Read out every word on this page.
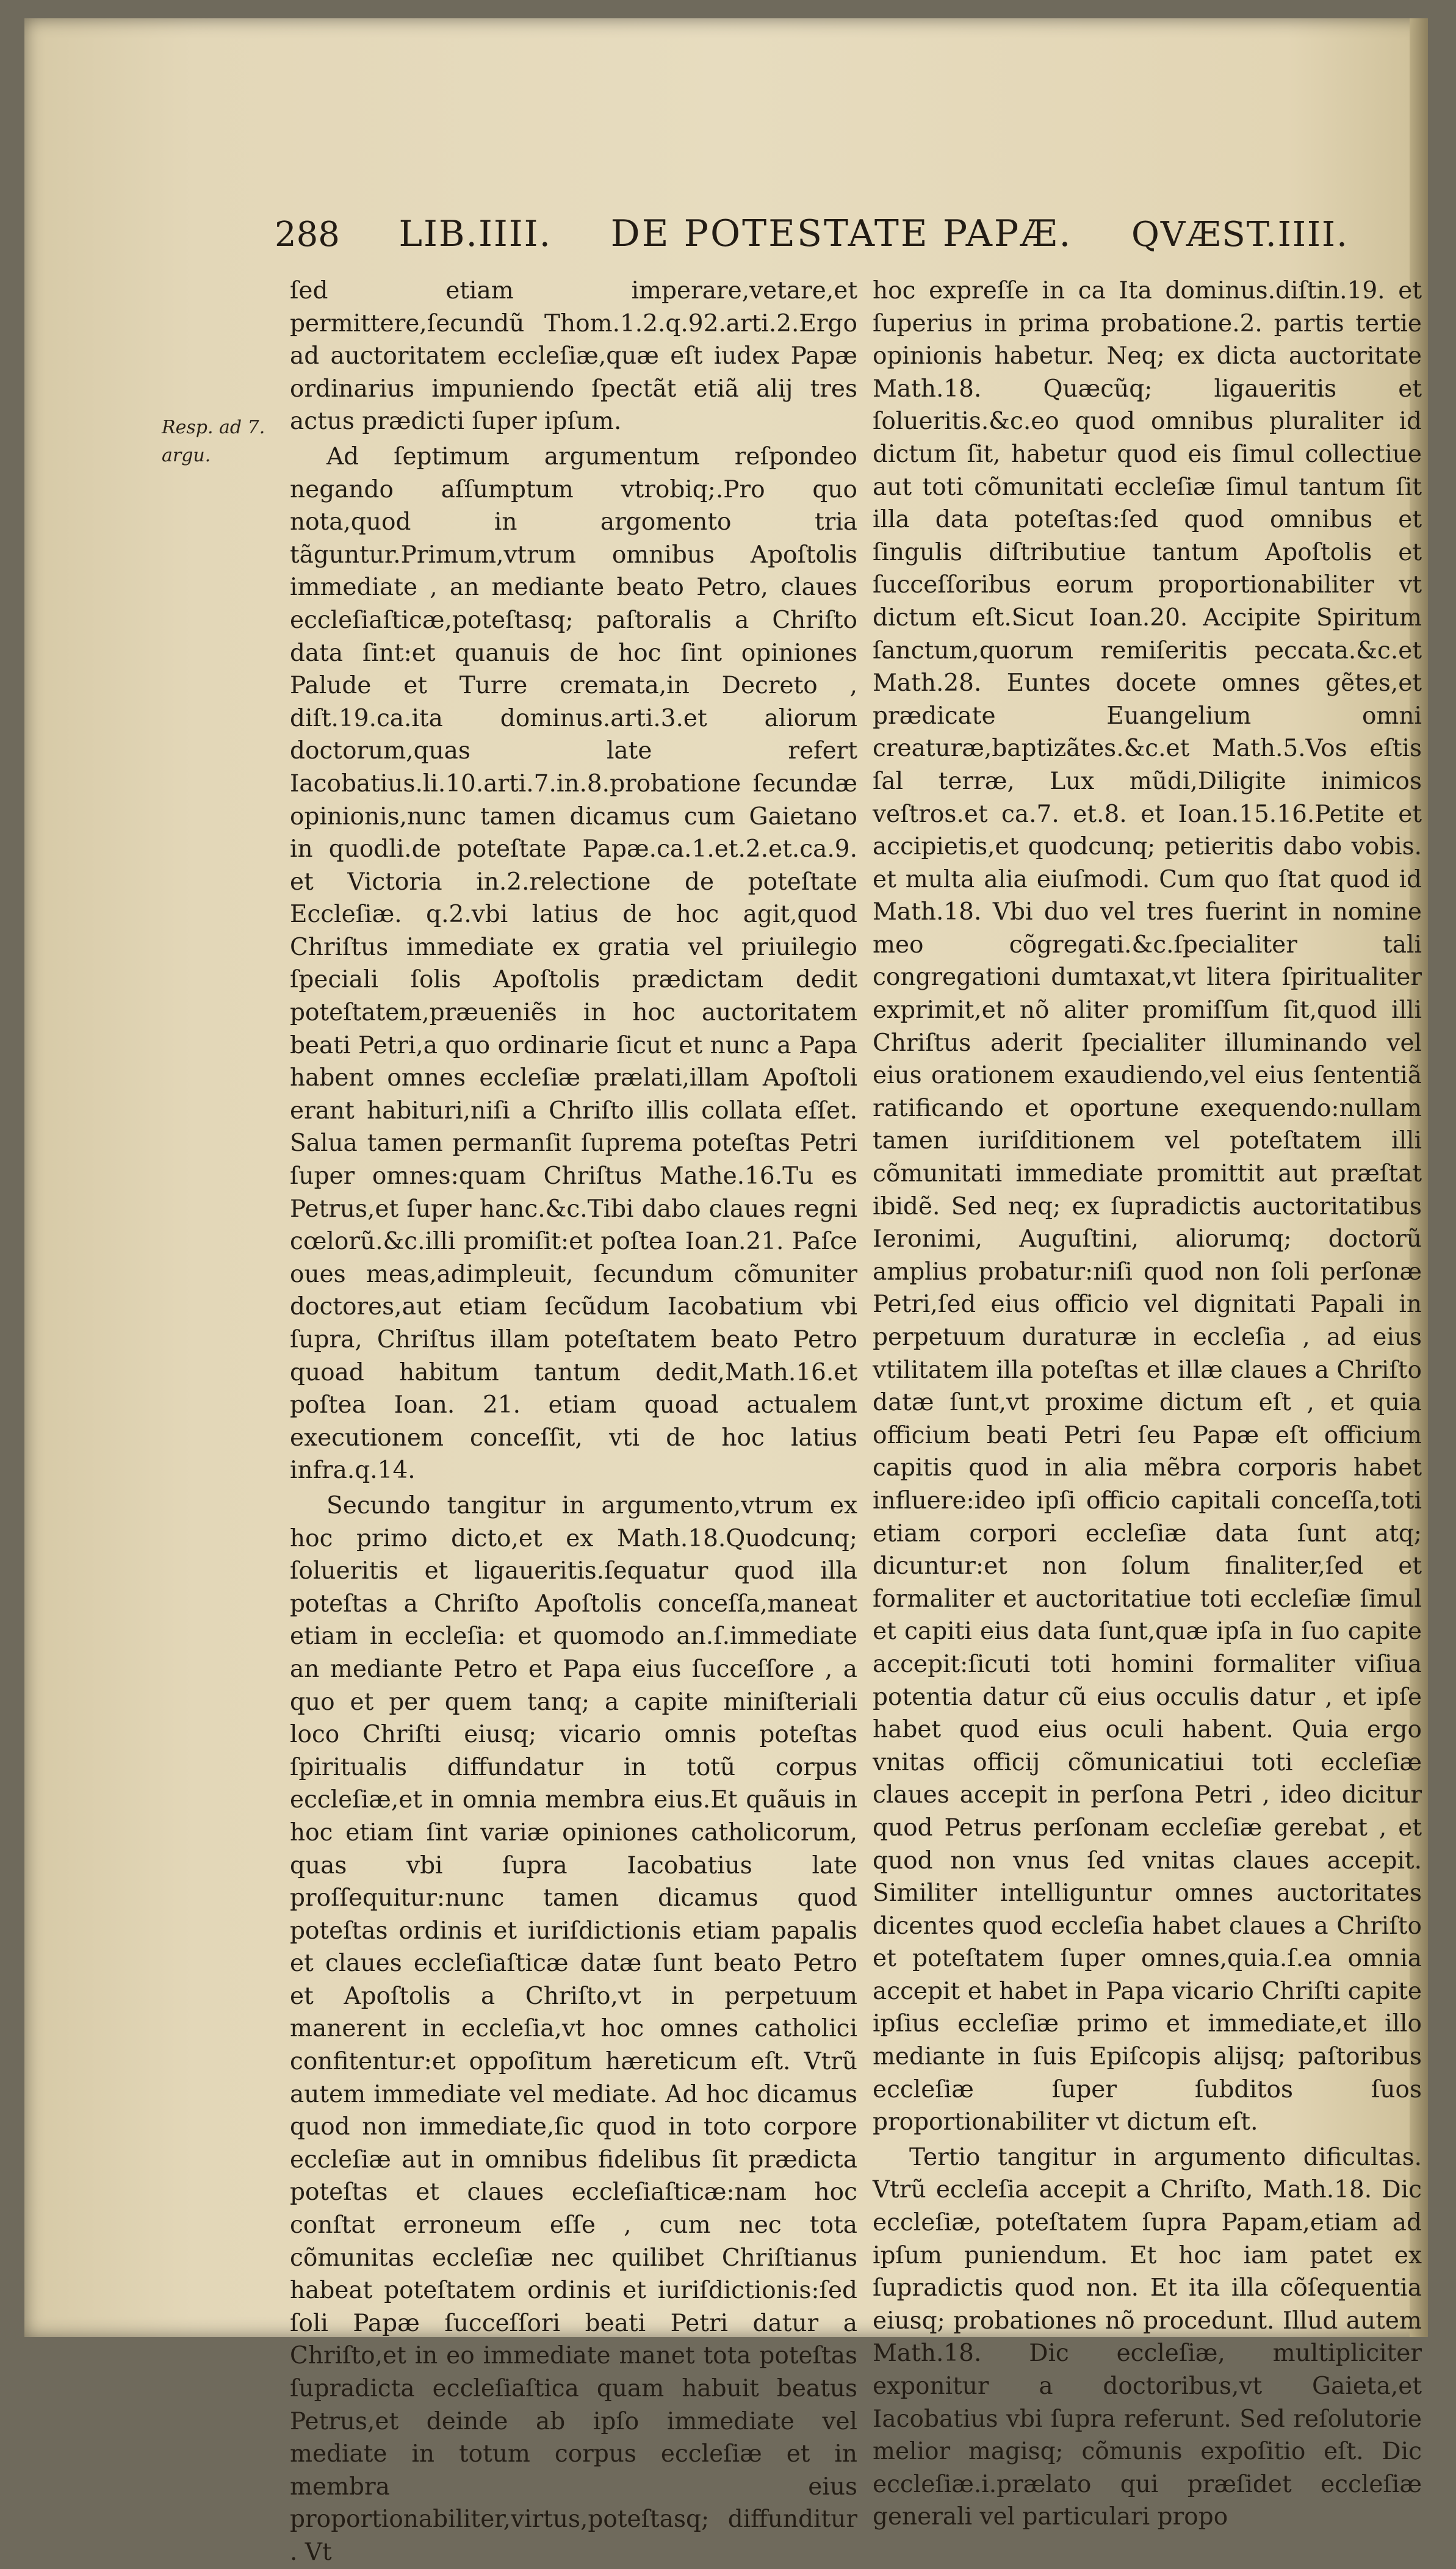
288 LIB.IIII. DE POTESTATE PAPÆ. QVÆST.IIII.
Resp. ad 7. argu.

ſed etiam imperare,vetare,et permittere,ſecundũ Thom.1.2.q.92.arti.2.Ergo ad auctoritatem eccleſiæ,quæ eſt iudex Papæ ordinarius impuniendo ſpectãt etiã alij tres actus prædicti ſuper ipſum.

Ad ſeptimum argumentum reſpondeo negando aſſumptum vtrobiq;.Pro quo nota,quod in argomento tria tãguntur.Primum,vtrum omnibus Apoſtolis immediate , an mediante beato Petro, claues eccleſiaſticæ,poteſtasq; paſtoralis a Chriſto data ſint:et quanuis de hoc ſint opiniones Palude et Turre cremata,in Decreto , diſt.19.ca.ita dominus.arti.3.et aliorum doctorum,quas late refert Iacobatius.li.10.arti.7.in.8.probatione ſecundæ opinionis,nunc tamen dicamus cum Gaietano in quodli.de poteſtate Papæ.ca.1.et.2.et.ca.9. et Victoria in.2.relectione de poteſtate Eccleſiæ. q.2.vbi latius de hoc agit,quod Chriſtus immediate ex gratia vel priuilegio ſpeciali ſolis Apoſtolis prædictam dedit poteſtatem,præueniẽs in hoc auctoritatem beati Petri,a quo ordinarie ſicut et nunc a Papa habent omnes eccleſiæ prælati,illam Apoſtoli erant habituri,niſi a Chriſto illis collata eſſet. Salua tamen permanſit ſuprema poteſtas Petri ſuper omnes:quam Chriſtus Mathe.16.Tu es Petrus,et ſuper hanc.&c.Tibi dabo claues regni cœlorũ.&c.illi promiſit:et poſtea Ioan.21. Paſce oues meas,adimpleuit, ſecundum cõmuniter doctores,aut etiam ſecũdum Iacobatium vbi ſupra, Chriſtus illam poteſtatem beato Petro quoad habitum tantum dedit,Math.16.et poſtea Ioan. 21. etiam quoad actualem executionem conceſſit, vti de hoc latius infra.q.14.

Secundo tangitur in argumento,vtrum ex hoc primo dicto,et ex Math.18.Quodcunq; ſolueritis et ligaueritis.ſequatur quod illa poteſtas a Chriſto Apoſtolis conceſſa,maneat etiam in eccleſia: et quomodo an.ſ.immediate an mediante Petro et Papa eius ſucceſſore , a quo et per quem tanq; a capite miniſteriali loco Chriſti eiusq; vicario omnis poteſtas ſpiritualis diffundatur in totũ corpus eccleſiæ,et in omnia membra eius.Et quãuis in hoc etiam ſint variæ opiniones catholicorum, quas vbi ſupra Iacobatius late proſſequitur:nunc tamen dicamus quod poteſtas ordinis et iuriſdictionis etiam papalis et claues eccleſiaſticæ datæ ſunt beato Petro et Apoſtolis a Chriſto,vt in perpetuum manerent in eccleſia,vt hoc omnes catholici confitentur:et oppoſitum hæreticum eſt. Vtrũ autem immediate vel mediate. Ad hoc dicamus quod non immediate,ſic quod in toto corpore eccleſiæ aut in omnibus fidelibus ſit prædicta poteſtas et claues eccleſiaſticæ:nam hoc conſtat erroneum eſſe , cum nec tota cõmunitas eccleſiæ nec quilibet Chriſtianus habeat poteſtatem ordinis et iuriſdictionis:ſed ſoli Papæ ſucceſſori beati Petri datur a Chriſto,et in eo immediate manet tota poteſtas ſupradicta eccleſiaſtica quam habuit beatus Petrus,et deinde ab ipſo immediate vel mediate in totum corpus eccleſiæ et in membra eius proportionabiliter,virtus,poteſtasq; diffunditur . Vt

hoc expreſſe in ca Ita dominus.diſtin.19. et ſuperius in prima probatione.2. partis tertie opinionis habetur. Neq; ex dicta auctoritate Math.18. Quæcũq; ligaueritis et ſolueritis.&c.eo quod omnibus pluraliter id dictum ſit, habetur quod eis ſimul collectiue aut toti cõmunitati eccleſiæ ſimul tantum ſit illa data poteſtas:ſed quod omnibus et ſingulis diſtributiue tantum Apoſtolis et ſucceſſoribus eorum proportionabiliter vt dictum eſt.Sicut Ioan.20. Accipite Spiritum ſanctum,quorum remiſeritis peccata.&c.et Math.28. Euntes docete omnes gẽtes,et prædicate Euangelium omni creaturæ,baptizãtes.&c.et Math.5.Vos eſtis ſal terræ, Lux mũdi,Diligite inimicos veſtros.et ca.7. et.8. et Ioan.15.16.Petite et accipietis,et quodcunq; petieritis dabo vobis. et multa alia eiuſmodi. Cum quo ſtat quod id Math.18. Vbi duo vel tres fuerint in nomine meo cõgregati.&c.ſpecialiter tali congregationi dumtaxat,vt litera ſpiritualiter exprimit,et nõ aliter promiſſum ſit,quod illi Chriſtus aderit ſpecialiter illuminando vel eius orationem exaudiendo,vel eius ſententiã ratificando et oportune exequendo:nullam tamen iuriſditionem vel poteſtatem illi cõmunitati immediate promittit aut præſtat ibidẽ. Sed neq; ex ſupradictis auctoritatibus Ieronimi, Auguſtini, aliorumq; doctorũ amplius probatur:niſi quod non ſoli perſonæ Petri,ſed eius officio vel dignitati Papali in perpetuum duraturæ in eccleſia , ad eius vtilitatem illa poteſtas et illæ claues a Chriſto datæ ſunt,vt proxime dictum eſt , et quia officium beati Petri ſeu Papæ eſt officium capitis quod in alia mẽbra corporis habet influere:ideo ipſi officio capitali conceſſa,toti etiam corpori eccleſiæ data ſunt atq; dicuntur:et non ſolum finaliter,ſed et formaliter et auctoritatiue toti eccleſiæ ſimul et capiti eius data ſunt,quæ ipſa in ſuo capite accepit:ſicuti toti homini formaliter viſiua potentia datur cũ eius occulis datur , et ipſe habet quod eius oculi habent. Quia ergo vnitas officij cõmunicatiui toti eccleſiæ claues accepit in perſona Petri , ideo dicitur quod Petrus perſonam eccleſiæ gerebat , et quod non vnus ſed vnitas claues accepit. Similiter intelliguntur omnes auctoritates dicentes quod eccleſia habet claues a Chriſto et poteſtatem ſuper omnes,quia.ſ.ea omnia accepit et habet in Papa vicario Chriſti capite ipſius eccleſiæ primo et immediate,et illo mediante in ſuis Epiſcopis alijsq; paſtoribus eccleſiæ ſuper ſubditos ſuos proportionabiliter vt dictum eſt.

Tertio tangitur in argumento dificultas. Vtrũ eccleſia accepit a Chriſto, Math.18. Dic eccleſiæ, poteſtatem ſupra Papam,etiam ad ipſum puniendum. Et hoc iam patet ex ſupradictis quod non. Et ita illa cõſequentia eiusq; probationes nõ procedunt. Illud autem Math.18. Dic eccleſiæ, multipliciter exponitur a doctoribus,vt Gaieta,et Iacobatius vbi ſupra referunt. Sed reſolutorie melior magisq; cõmunis expoſitio eſt. Dic eccleſiæ.i.prælato qui præſidet eccleſiæ generali vel particulari propo
